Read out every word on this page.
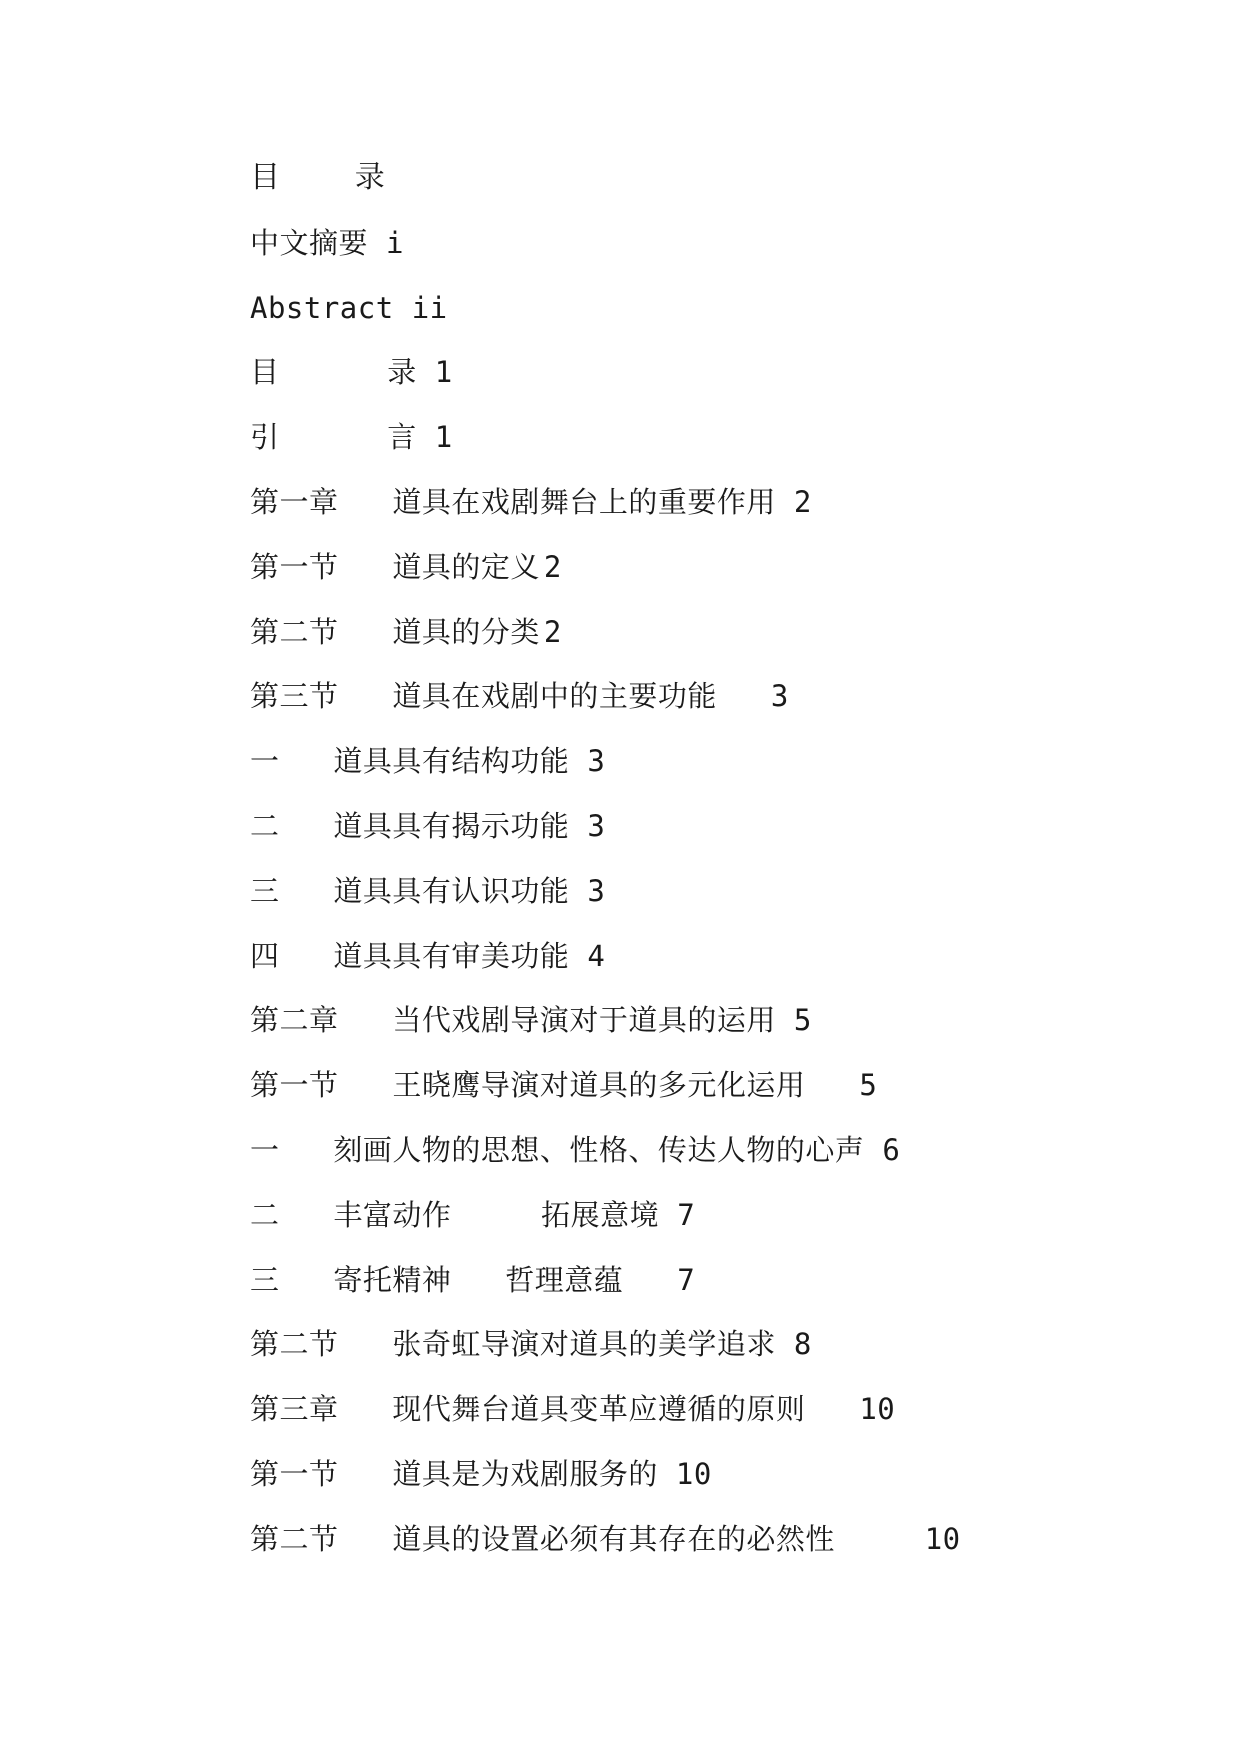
目    录
中文摘要 i
Abstract ii
目      录 1
引      言 1
第一章   道具在戏剧舞台上的重要作用 2
第一节   道具的定义 2
第二节   道具的分类 2
第三节   道具在戏剧中的主要功能 3
一   道具具有结构功能 3
二   道具具有揭示功能 3
三   道具具有认识功能 3
四   道具具有审美功能 4
第二章   当代戏剧导演对于道具的运用 5
第一节   王晓鹰导演对道具的多元化运用 5
一   刻画人物的思想、性格、传达人物的心声 6
二   丰富动作     拓展意境 7
三   寄托精神   哲理意蕴 7
第二节   张奇虹导演对道具的美学追求 8
第三章   现代舞台道具变革应遵循的原则 10
第一节   道具是为戏剧服务的 10
第二节   道具的设置必须有其存在的必然性 10
